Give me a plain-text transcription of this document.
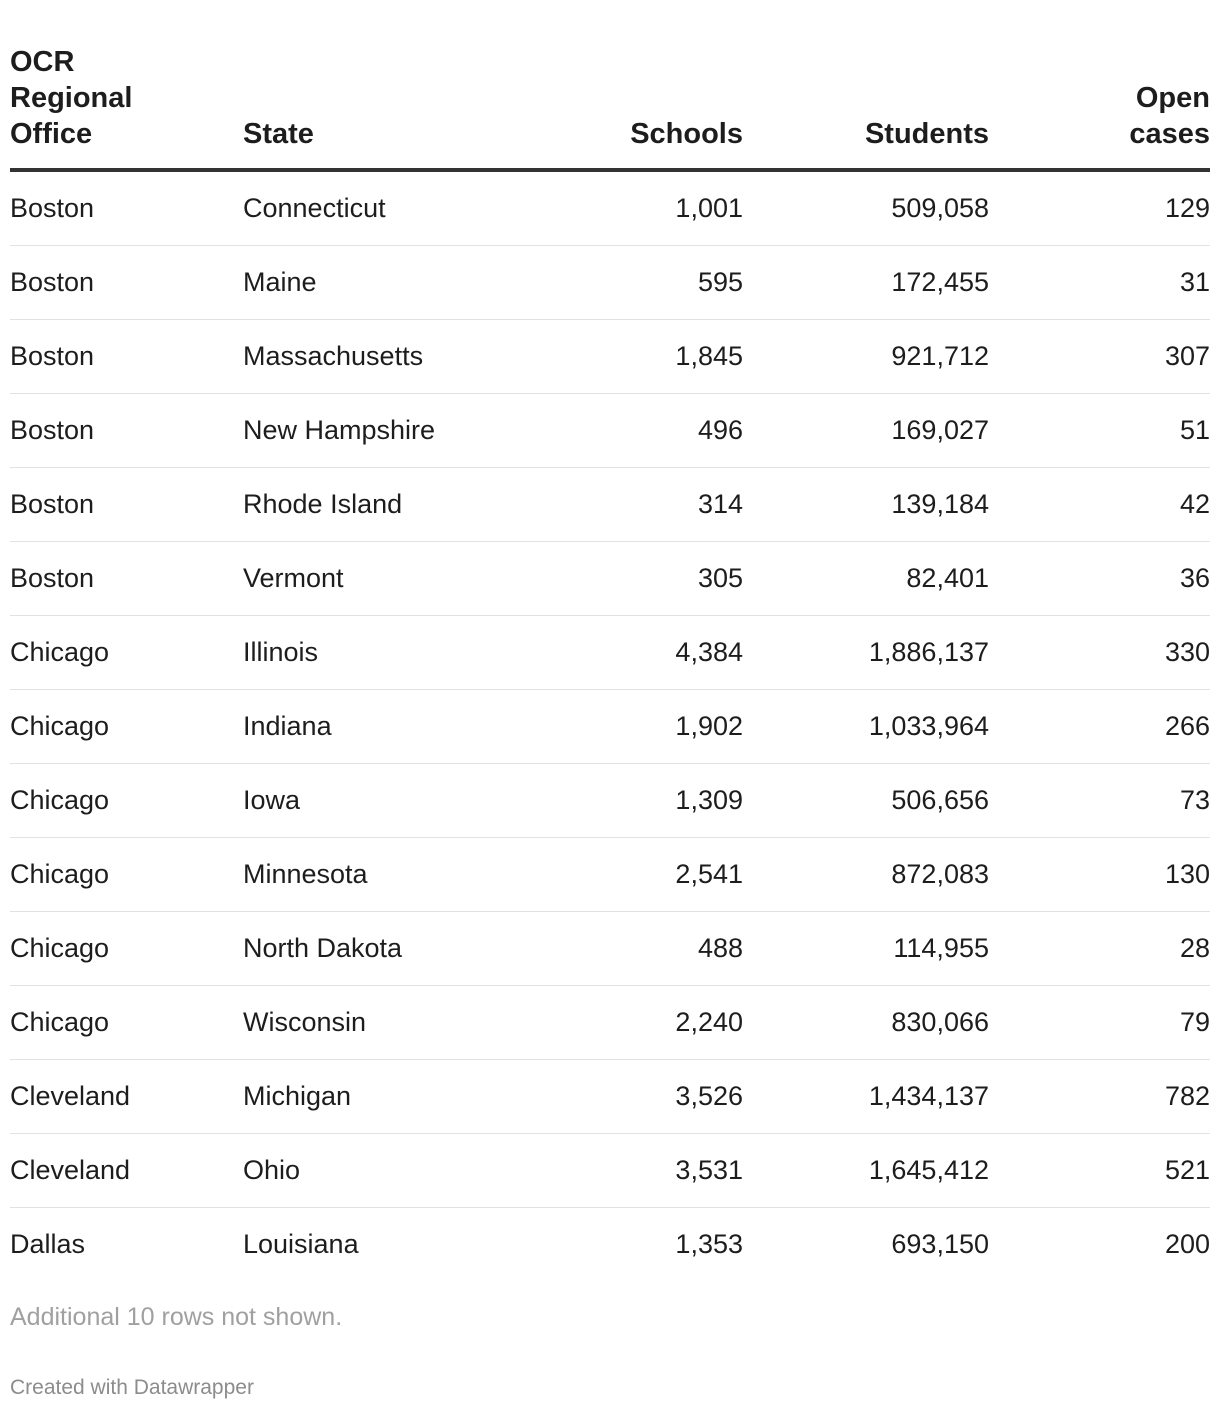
OCR
Regional
Office	State	Schools	Students	Open
cases
Boston	Connecticut	1,001	509,058	129
Boston	Maine	595	172,455	31
Boston	Massachusetts	1,845	921,712	307
Boston	New Hampshire	496	169,027	51
Boston	Rhode Island	314	139,184	42
Boston	Vermont	305	82,401	36
Chicago	Illinois	4,384	1,886,137	330
Chicago	Indiana	1,902	1,033,964	266
Chicago	Iowa	1,309	506,656	73
Chicago	Minnesota	2,541	872,083	130
Chicago	North Dakota	488	114,955	28
Chicago	Wisconsin	2,240	830,066	79
Cleveland	Michigan	3,526	1,434,137	782
Cleveland	Ohio	3,531	1,645,412	521
Dallas	Louisiana	1,353	693,150	200
Additional 10 rows not shown.
Created with Datawrapper
